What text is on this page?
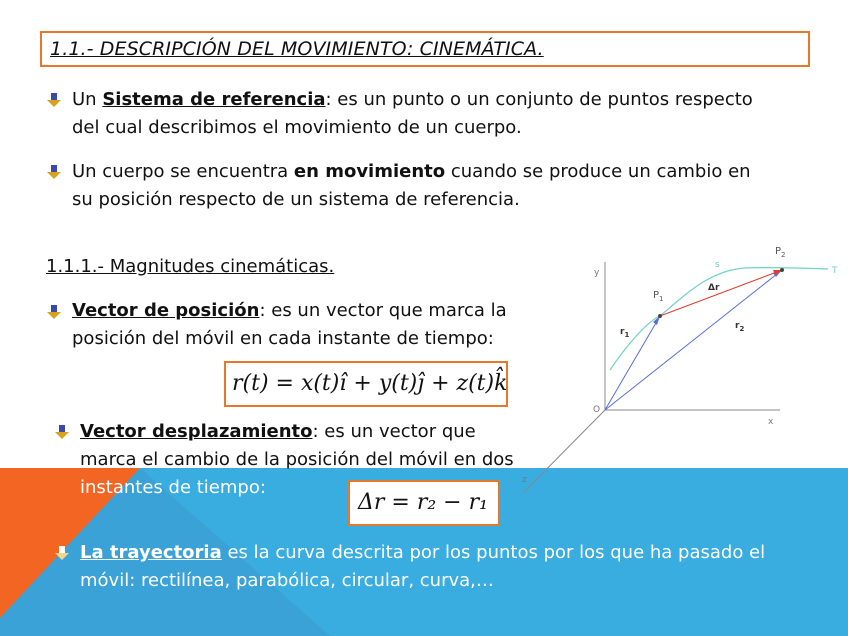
1.1.- DESCRIPCIÓN DEL MOVIMIENTO: CINEMÁTICA.
Un Sistema de referencia: es un punto o un conjunto de puntos respecto
del cual describimos el movimiento de un cuerpo.
Un cuerpo se encuentra en movimiento cuando se produce un cambio en
su posición respecto de un sistema de referencia.
1.1.1.- Magnitudes cinemáticas.
Vector de posición: es un vector que marca la
posición del móvil en cada instante de tiempo:
r(t) = x(t)î + y(t)ĵ + z(t)k̂
Vector desplazamiento: es un vector que
marca el cambio de la posición del móvil en dos
instantes de tiempo:
Δr = r₂ − r₁
La trayectoria es la curva descrita por los puntos por los que ha pasado el
móvil: rectilínea, parabólica, circular, curva,…
y
x
z
O
s
T
$P_1$
$P_2$
$r_1$
$r_2$
Δr
